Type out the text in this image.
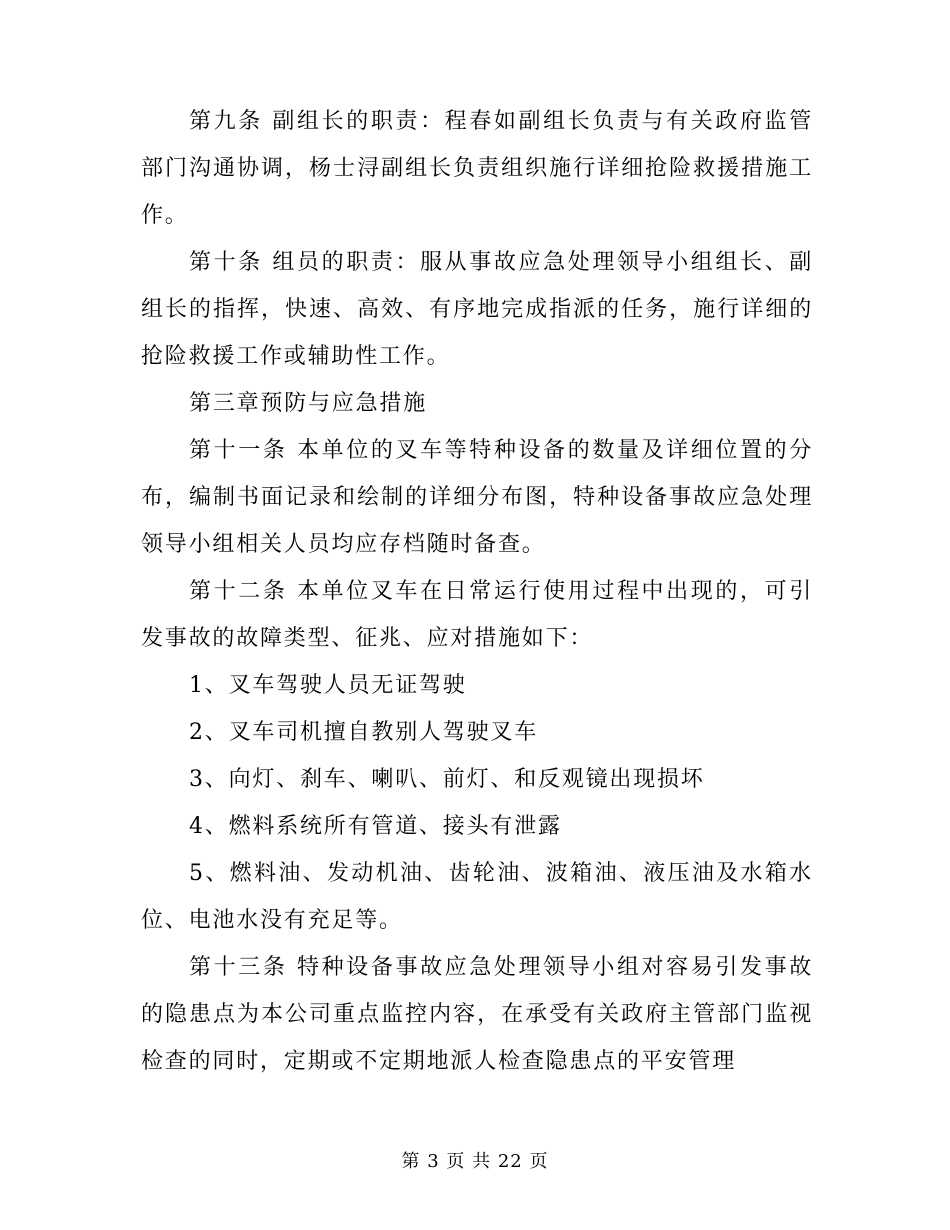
第九条 副组长的职责：程春如副组长负责与有关政府监管部门沟通协调，杨士浔副组长负责组织施行详细抢险救援措施工作。

第十条 组员的职责：服从事故应急处理领导小组组长、副组长的指挥，快速、高效、有序地完成指派的任务，施行详细的抢险救援工作或辅助性工作。

第三章预防与应急措施

第十一条 本单位的叉车等特种设备的数量及详细位置的分布，编制书面记录和绘制的详细分布图，特种设备事故应急处理领导小组相关人员均应存档随时备查。

第十二条 本单位叉车在日常运行使用过程中出现的，可引发事故的故障类型、征兆、应对措施如下：

1、叉车驾驶人员无证驾驶

2、叉车司机擅自教别人驾驶叉车

3、向灯、刹车、喇叭、前灯、和反观镜出现损坏

4、燃料系统所有管道、接头有泄露

5、燃料油、发动机油、齿轮油、波箱油、液压油及水箱水位、电池水没有充足等。

第十三条 特种设备事故应急处理领导小组对容易引发事故的隐患点为本公司重点监控内容，在承受有关政府主管部门监视检查的同时，定期或不定期地派人检查隐患点的平安管理

第 3 页 共 22 页
